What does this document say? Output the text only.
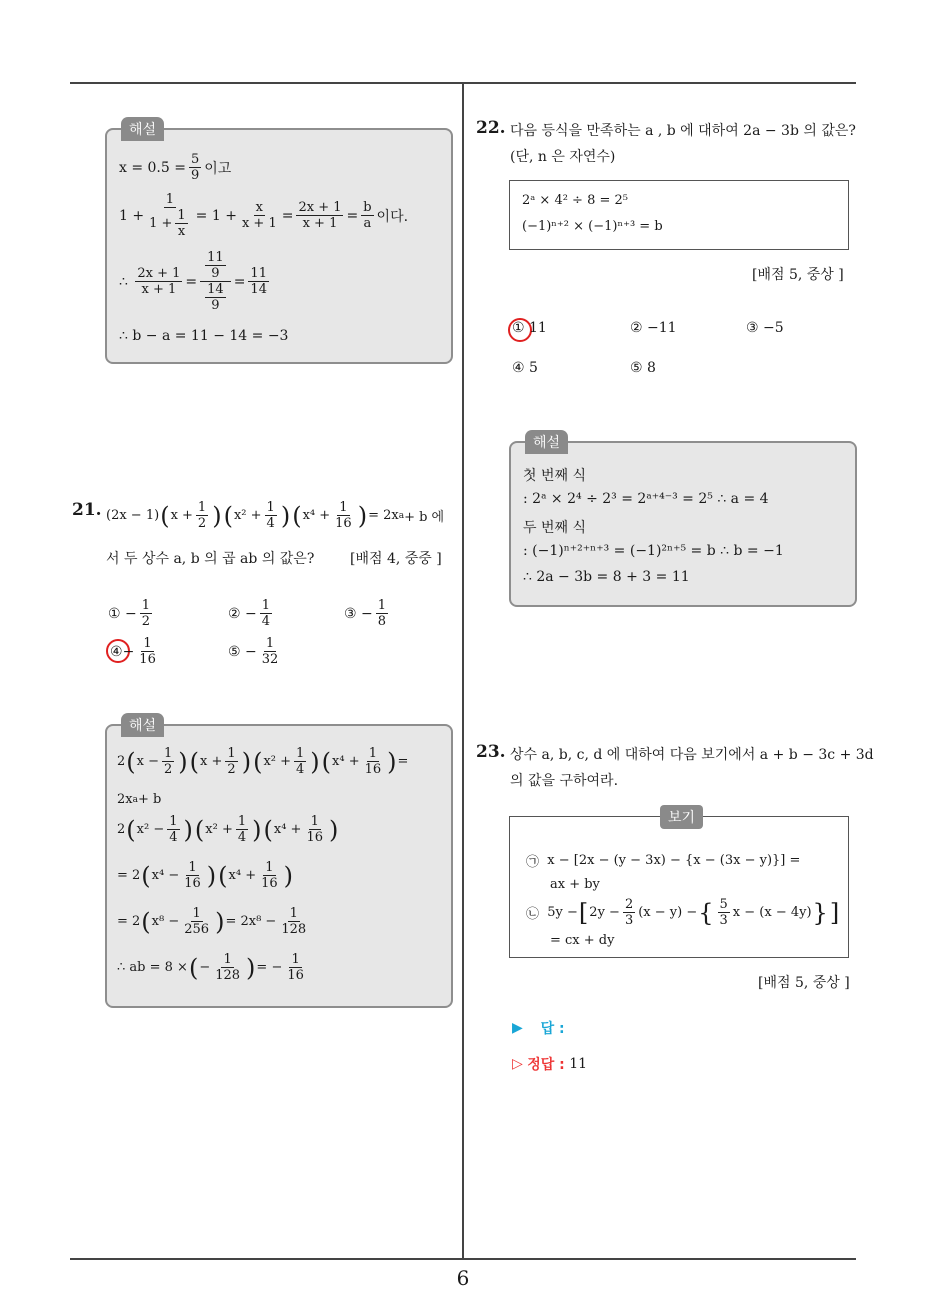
6
해설
x = 0.5̇ = $\frac{5}{9}$ 이고
$1 + \frac{1}{1 + \frac{1}{x}} = 1 + \frac{x}{x + 1} = \frac{2x + 1}{x + 1} = \frac{b}{a}$ 이다.
∴
$\frac{2x + 1}{x + 1} = \frac{\frac{11}{9}}{\frac{14}{9}} = \frac{11}{14}$
∴ b − a = 11 − 14 = −3
21. (2x − 1) ( $x + \frac{1}{2}$ ) ( $x^2 + \frac{1}{4}$ ) ( $x^4 + \frac{1}{16}$ ) = 2x a + b 에
서 두 상수 a, b 의 곱 ab 의 값은?	[배점 4, 중중 ]
①
− $\frac{1}{2}$	②
− $\frac{1}{4}$	③
− $\frac{1}{8}$
④ − $\frac{1}{16}$	⑤
− $\frac{1}{32}$
해설
2 ( $x - \frac{1}{2}$ ) ( $x + \frac{1}{2}$ ) ( $x^2 + \frac{1}{4}$ ) ( $x^4 + \frac{1}{16}$ ) =
2x a + b
2 ( $x^2 - \frac{1}{4}$ ) ( $x^2 + \frac{1}{4}$ ) ( $x^4 + \frac{1}{16}$ )
= 2 ( $x^4 - \frac{1}{16}$ ) ( $x^4 + \frac{1}{16}$ )
= 2 ( $x^8 - \frac{1}{256}$ ) = $2x^8 - \frac{1}{128}$
∴ ab = 8 × ( − $\frac{1}{128}$ ) = − $\frac{1}{16}$
22. 다음 등식을 만족하는 a , b 에 대하여 2a − 3b 의 값은?
(단, n 은 자연수)
2ᵃ × 4² ÷ 8 = 2⁵
(−1)ⁿ⁺² × (−1)ⁿ⁺³ = b
[배점 5, 중상 ]
①
11	②
−11	③
−5
④
5	⑤
8
해설
첫 번째 식
: 2ᵃ × 2⁴ ÷ 2³ = 2ᵃ⁺⁴⁻³ = 2⁵ ∴ a = 4
두 번째 식
: (−1)ⁿ⁺²⁺ⁿ⁺³ = (−1)²ⁿ⁺⁵ = b ∴ b = −1
∴ 2a − 3b = 8 + 3 = 11
23. 상수 a, b, c, d 에 대하여 다음 보기에서 a + b − 3c + 3d
의 값을 구하여라.
보기
㉠
x − [2x − (y − 3x) − {x − (3x − y)}] =
ax + by
㉡
5y − [ $2y - \frac{2}{3} (x - y)$ − { $\frac{5}{3}$ x − (x − 4y) } ]
= cx + dy
[배점 5, 중상 ]
▶
답 :
▷
정답 :
11
